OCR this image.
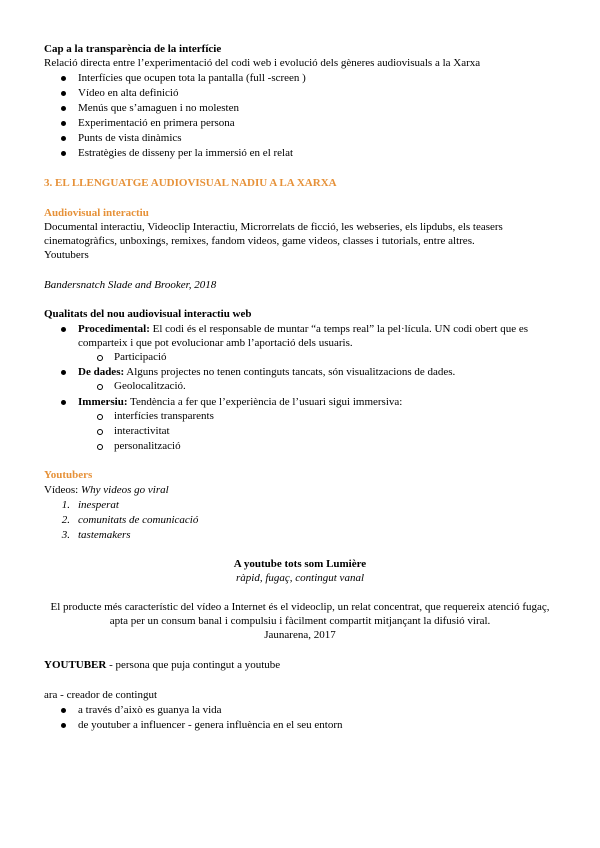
Cap a la transparència de la interfície
Relació directa entre l’experimentació del codi web i evolució dels gèneres audiovisuals a la Xarxa
Interfícies que ocupen tota la pantalla (full -screen )
Vídeo en alta definició
Menús que s’amaguen i no molesten
Experimentació en primera persona
Punts de vista dinàmics
Estratègies de disseny per la immersió en el relat
3. EL LLENGUATGE AUDIOVISUAL NADIU A LA XARXA
Audiovisual interactiu
Documental interactiu, Videoclip Interactiu, Microrrelats de ficció, les webseries, els lipdubs, els teasers
cinematogràfics, unboxings, remixes, fandom videos, game videos, classes i tutorials, entre altres.
Youtubers
Bandersnatch Slade and Brooker, 2018
Qualitats del nou audiovisual interactiu web
Procedimental: El codi és el responsable de muntar “a temps real” la pel·lícula. UN codi obert que es
comparteix i que pot evolucionar amb l’aportació dels usuaris.
Participació
De dades: Alguns projectes no tenen continguts tancats, són visualitzacions de dades.
Geolocalització.
Immersiu: Tendència a fer que l’experiència de l’usuari sigui immersiva:
interfícies transparents
interactivitat
personalització
Youtubers
Vídeos: Why videos go viral
1. inesperat
2. comunitats de comunicació
3. tastemakers
A youtube tots som Lumière
ràpid, fugaç, contingut vanal
El producte més característic del vídeo a Internet és el videoclip, un relat concentrat, que requereix atenció fugaç,
apta per un consum banal i compulsiu i fàcilment compartit mitjançant la difusió viral.
Jaunarena, 2017
YOUTUBER - persona que puja contingut a youtube
ara - creador de contingut
a través d’això es guanya la vida
de youtuber a influencer - genera influència en el seu entorn
